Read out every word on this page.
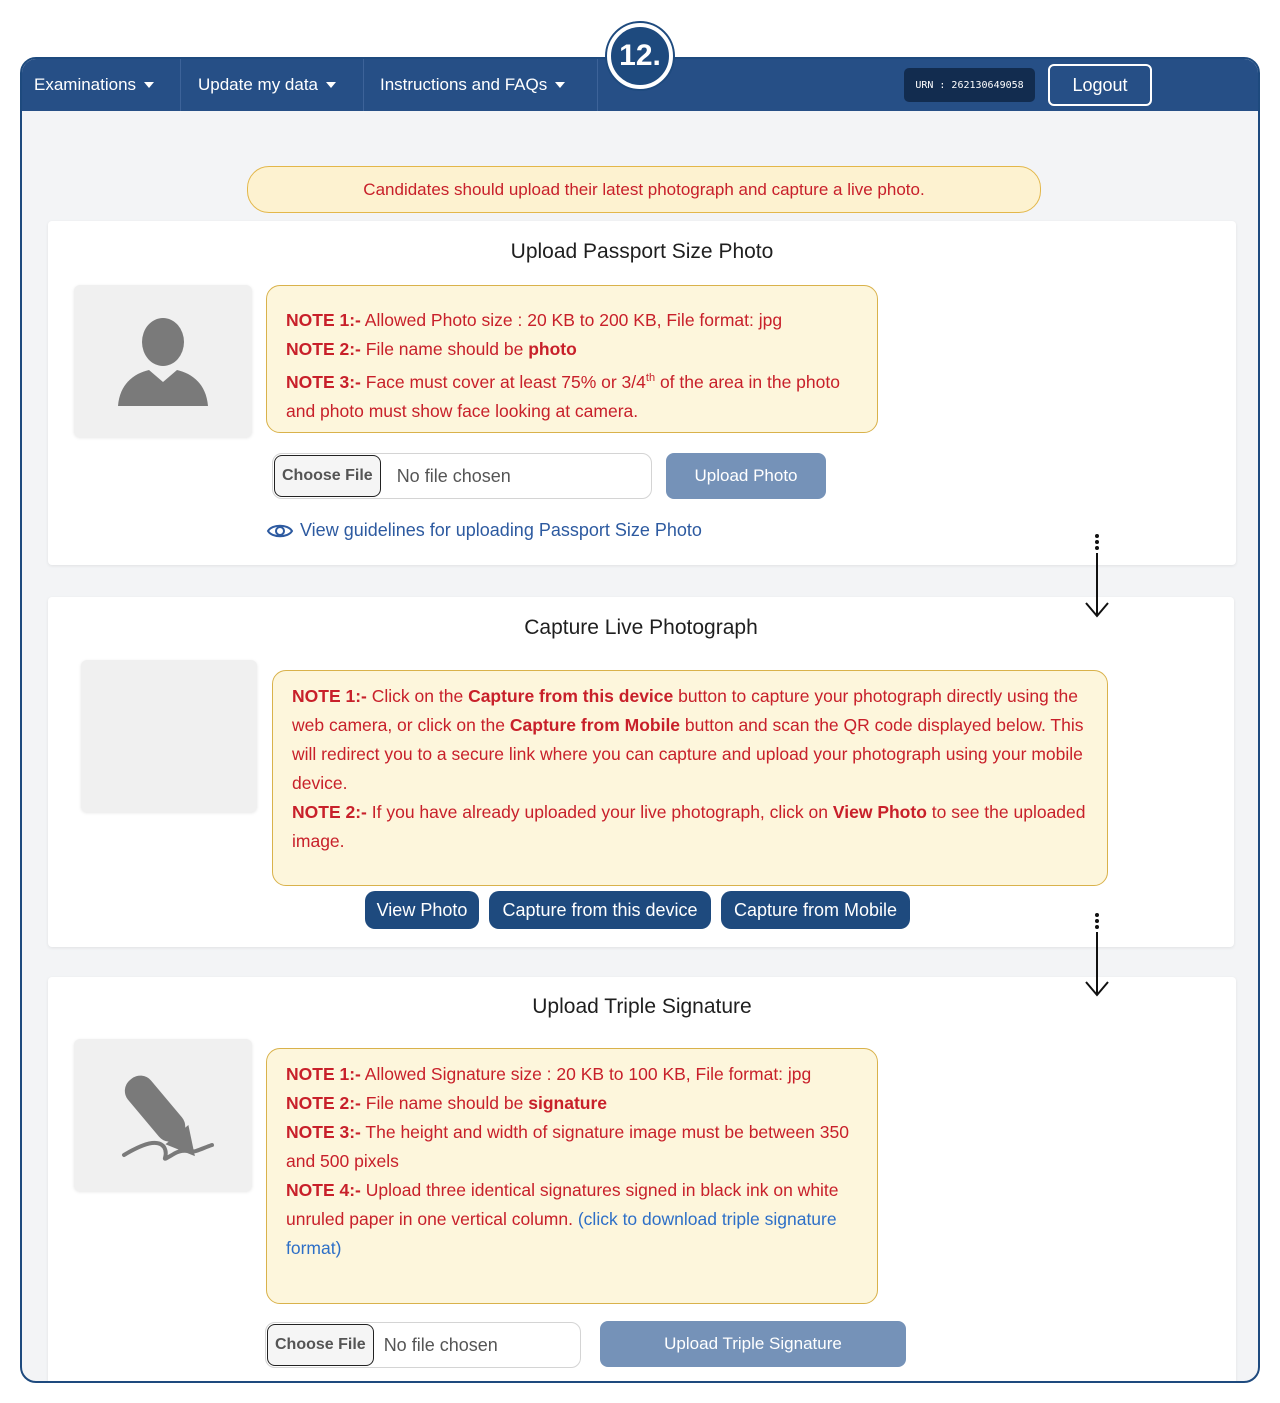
12.
Examinations	Update my data	Instructions and FAQs	URN : 262130649058	Logout
Candidates should upload their latest photograph and capture a live photo.
Upload Passport Size Photo
NOTE 1:- Allowed Photo size : 20 KB to 200 KB, File format: jpg
NOTE 2:- File name should be photo
NOTE 3:- Face must cover at least 75% or 3/4th of the area in the photo and photo must show face looking at camera.
Choose File	No file chosen	Upload Photo
View guidelines for uploading Passport Size Photo
Capture Live Photograph
NOTE 1:- Click on the Capture from this device button to capture your photograph directly using the web camera, or click on the Capture from Mobile button and scan the QR code displayed below. This will redirect you to a secure link where you can capture and upload your photograph using your mobile device.
NOTE 2:- If you have already uploaded your live photograph, click on View Photo to see the uploaded image.
View Photo	Capture from this device	Capture from Mobile
Upload Triple Signature
NOTE 1:- Allowed Signature size : 20 KB to 100 KB, File format: jpg
NOTE 2:- File name should be signature
NOTE 3:- The height and width of signature image must be between 350 and 500 pixels
NOTE 4:- Upload three identical signatures signed in black ink on white unruled paper in one vertical column. (click to download triple signature format)
Choose File	No file chosen	Upload Triple Signature
